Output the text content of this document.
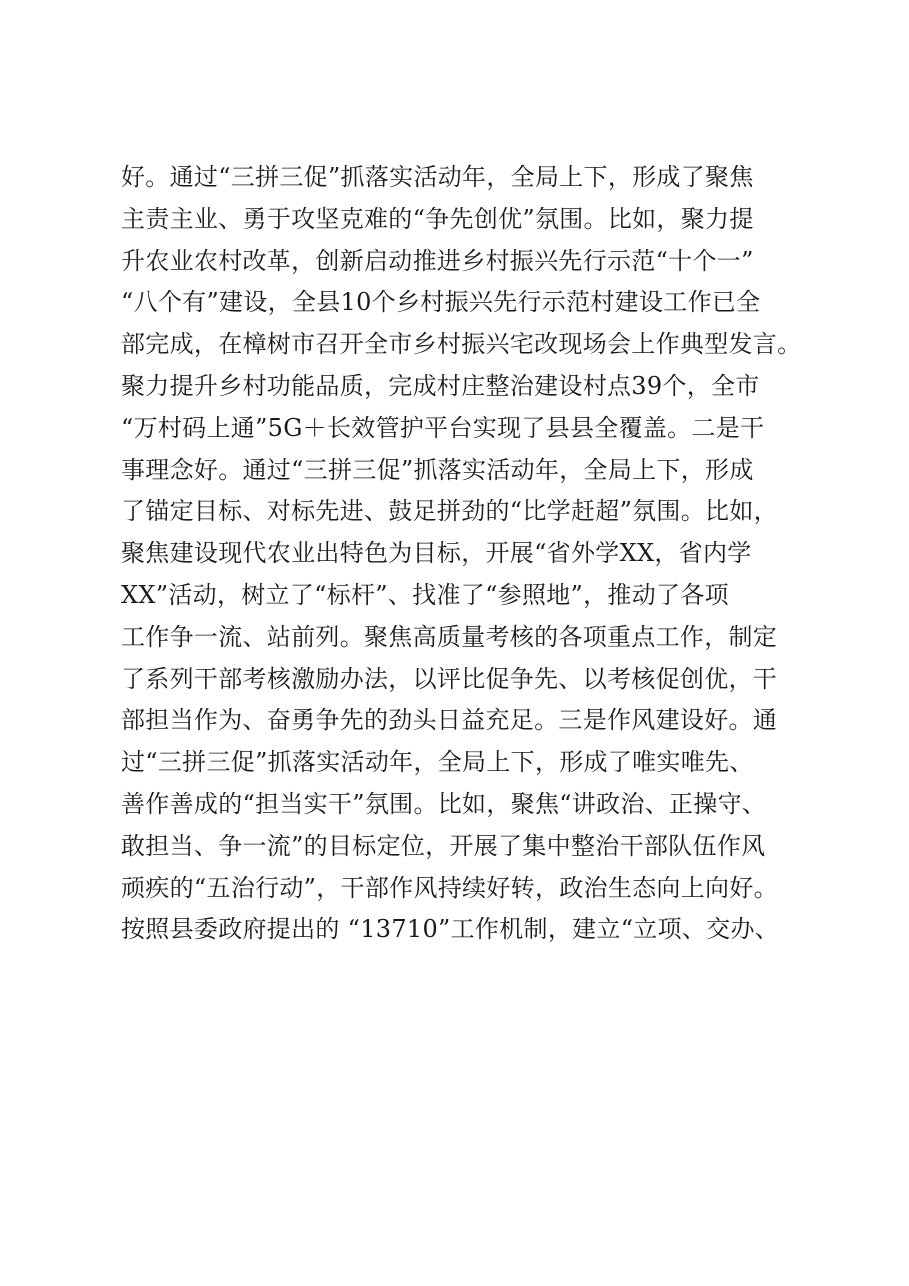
好。通过“三拼三促”抓落实活动年，全局上下，形成了聚焦
主责主业、勇于攻坚克难的“争先创优”氛围。比如，聚力提
升农业农村改革，创新启动推进乡村振兴先行示范“十个一”
“八个有”建设，全县10个乡村振兴先行示范村建设工作已全
部完成，在樟树市召开全市乡村振兴宅改现场会上作典型发言。
聚力提升乡村功能品质，完成村庄整治建设村点39个，全市
“万村码上通”5G＋长效管护平台实现了县县全覆盖。二是干
事理念好。通过“三拼三促”抓落实活动年，全局上下，形成
了锚定目标、对标先进、鼓足拼劲的“比学赶超”氛围。比如，
聚焦建设现代农业出特色为目标，开展“省外学XX，省内学
XX”活动，树立了“标杆”、找准了“参照地”，推动了各项
工作争一流、站前列。聚焦高质量考核的各项重点工作，制定
了系列干部考核激励办法，以评比促争先、以考核促创优，干
部担当作为、奋勇争先的劲头日益充足。三是作风建设好。通
过“三拼三促”抓落实活动年，全局上下，形成了唯实唯先、
善作善成的“担当实干”氛围。比如，聚焦“讲政治、正操守、
敢担当、争一流”的目标定位，开展了集中整治干部队伍作风
顽疾的“五治行动”，干部作风持续好转，政治生态向上向好。
按照县委政府提出的 “13710”工作机制，建立“立项、交办、
